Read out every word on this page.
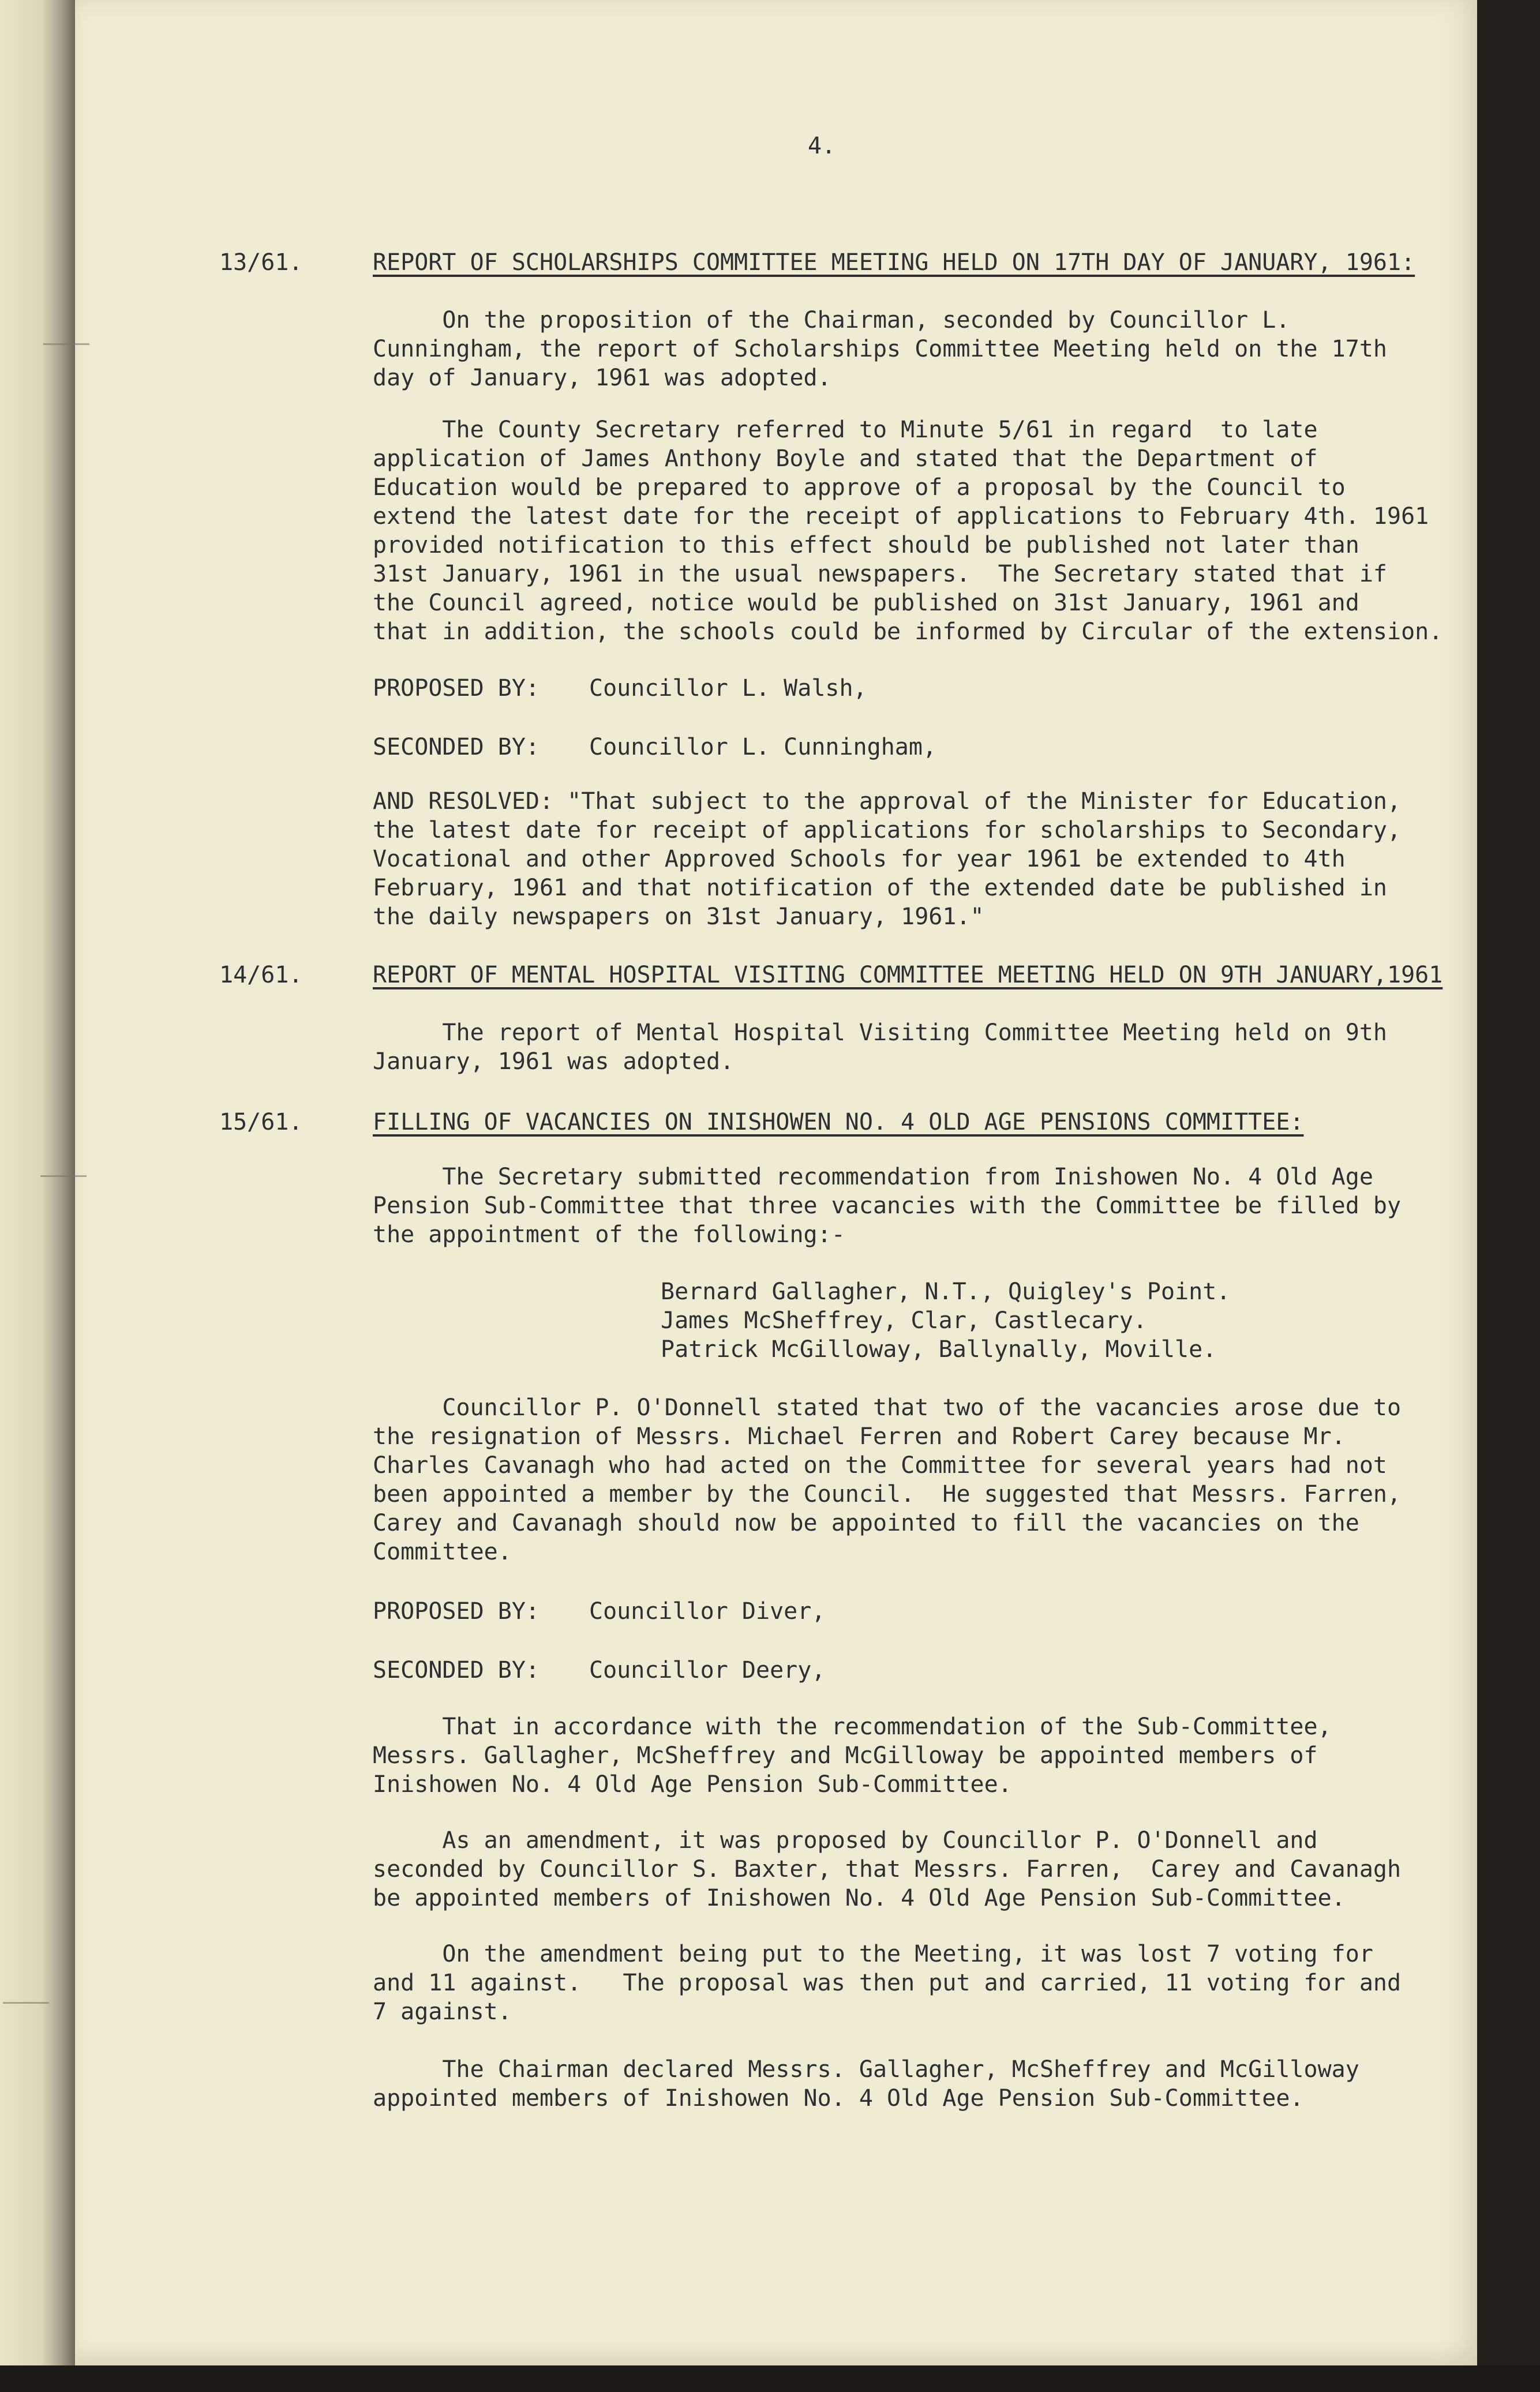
4.
13/61.	REPORT OF SCHOLARSHIPS COMMITTEE MEETING HELD ON 17TH DAY OF JANUARY, 1961:
On the proposition of the Chairman, seconded by Councillor L.
Cunningham, the report of Scholarships Committee Meeting held on the 17th
day of January, 1961 was adopted.
The County Secretary referred to Minute 5/61 in regard  to late
application of James Anthony Boyle and stated that the Department of
Education would be prepared to approve of a proposal by the Council to
extend the latest date for the receipt of applications to February 4th. 1961
provided notification to this effect should be published not later than
31st January, 1961 in the usual newspapers.  The Secretary stated that if
the Council agreed, notice would be published on 31st January, 1961 and
that in addition, the schools could be informed by Circular of the extension.
PROPOSED BY: Councillor L. Walsh,
SECONDED BY: Councillor L. Cunningham,
AND RESOLVED: "That subject to the approval of the Minister for Education,
the latest date for receipt of applications for scholarships to Secondary,
Vocational and other Approved Schools for year 1961 be extended to 4th
February, 1961 and that notification of the extended date be published in
the daily newspapers on 31st January, 1961."
14/61.	REPORT OF MENTAL HOSPITAL VISITING COMMITTEE MEETING HELD ON 9TH JANUARY,1961
The report of Mental Hospital Visiting Committee Meeting held on 9th
January, 1961 was adopted.
15/61.	FILLING OF VACANCIES ON INISHOWEN NO. 4 OLD AGE PENSIONS COMMITTEE:
The Secretary submitted recommendation from Inishowen No. 4 Old Age
Pension Sub-Committee that three vacancies with the Committee be filled by
the appointment of the following:-
Bernard Gallagher, N.T., Quigley's Point.
James McSheffrey, Clar, Castlecary.
Patrick McGilloway, Ballynally, Moville.
Councillor P. O'Donnell stated that two of the vacancies arose due to
the resignation of Messrs. Michael Ferren and Robert Carey because Mr.
Charles Cavanagh who had acted on the Committee for several years had not
been appointed a member by the Council.  He suggested that Messrs. Farren,
Carey and Cavanagh should now be appointed to fill the vacancies on the
Committee.
PROPOSED BY: Councillor Diver,
SECONDED BY: Councillor Deery,
That in accordance with the recommendation of the Sub-Committee,
Messrs. Gallagher, McSheffrey and McGilloway be appointed members of
Inishowen No. 4 Old Age Pension Sub-Committee.
As an amendment, it was proposed by Councillor P. O'Donnell and
seconded by Councillor S. Baxter, that Messrs. Farren,  Carey and Cavanagh
be appointed members of Inishowen No. 4 Old Age Pension Sub-Committee.
On the amendment being put to the Meeting, it was lost 7 voting for
and 11 against.   The proposal was then put and carried, 11 voting for and
7 against.
The Chairman declared Messrs. Gallagher, McSheffrey and McGilloway
appointed members of Inishowen No. 4 Old Age Pension Sub-Committee.
